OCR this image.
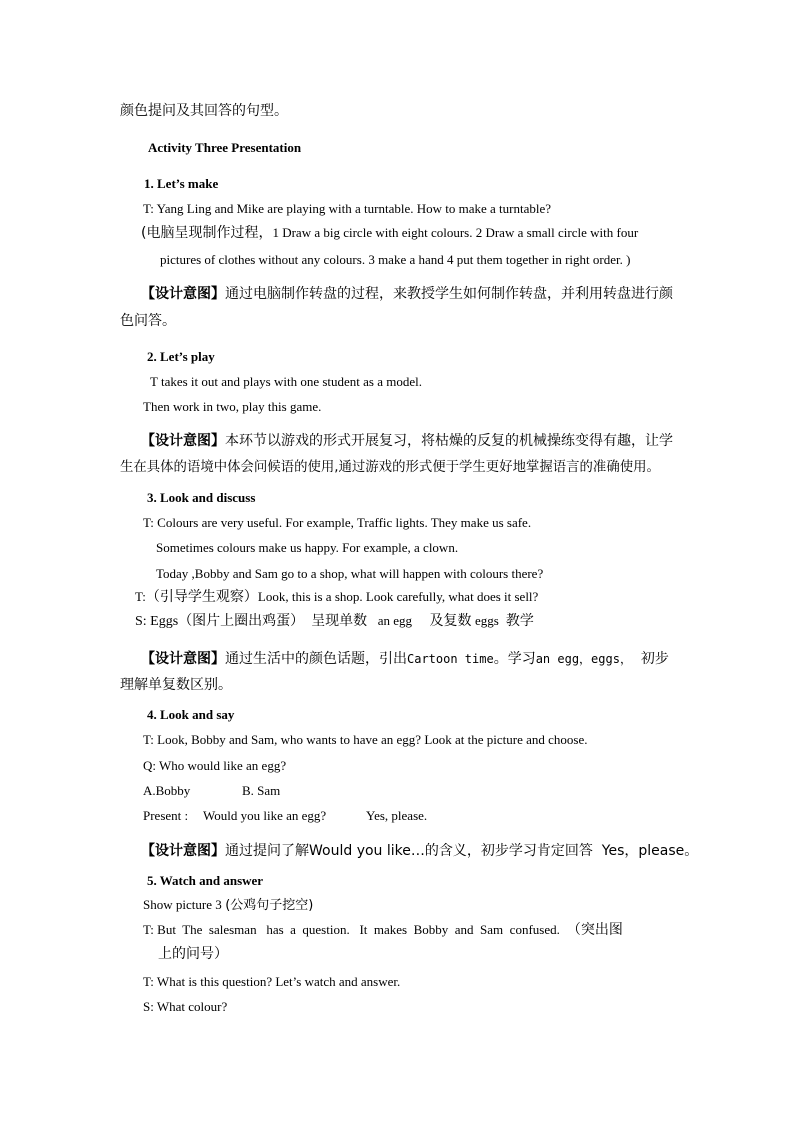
颜色提问及其回答的句型。
Activity Three Presentation
1. Let’s make
T: Yang Ling and Mike are playing with a turntable. How to make a turntable?
(电脑呈现制作过程，1 Draw a big circle with eight colours. 2 Draw a small circle with four
pictures of clothes without any colours. 3 make a hand 4 put them together in right order. )
【设计意图】通过电脑制作转盘的过程，来教授学生如何制作转盘，并利用转盘进行颜
色问答。
2. Let’s play
T takes it out and plays with one student as a model.
Then work in two, play this game.
【设计意图】本环节以游戏的形式开展复习，将枯燥的反复的机械操练变得有趣，让学
生在具体的语境中体会问候语的使用,通过游戏的形式便于学生更好地掌握语言的准确使用。
3. Look and discuss
T: Colours are very useful. For example, Traffic lights. They make us safe.
Sometimes colours make us happy. For example, a clown.
Today ,Bobby and Sam go to a shop, what will happen with colours there?
T:（引导学生观察）Look, this is a shop. Look carefully, what does it sell?
S: Eggs（图片上圈出鸡蛋） 呈现单数 an egg 及复数 eggs 教学
【设计意图】通过生活中的颜色话题，引出Cartoon time。学习an egg，eggs， 初步
理解单复数区别。
4. Look and say
T: Look, Bobby and Sam, who wants to have an egg? Look at the picture and choose.
Q: Who would like an egg?
A.Bobby	B. Sam
Present : Would you like an egg?	Yes, please.
【设计意图】通过提问了解Would you like…的含义，初步学习肯定回答 Yes，please。
5. Watch and answer
Show picture 3 (公鸡句子挖空)
T: But  The  salesman   has  a  question.   It  makes  Bobby  and  Sam  confused. （突出图
上的问号）
T: What is this question? Let’s watch and answer.
S: What colour?
